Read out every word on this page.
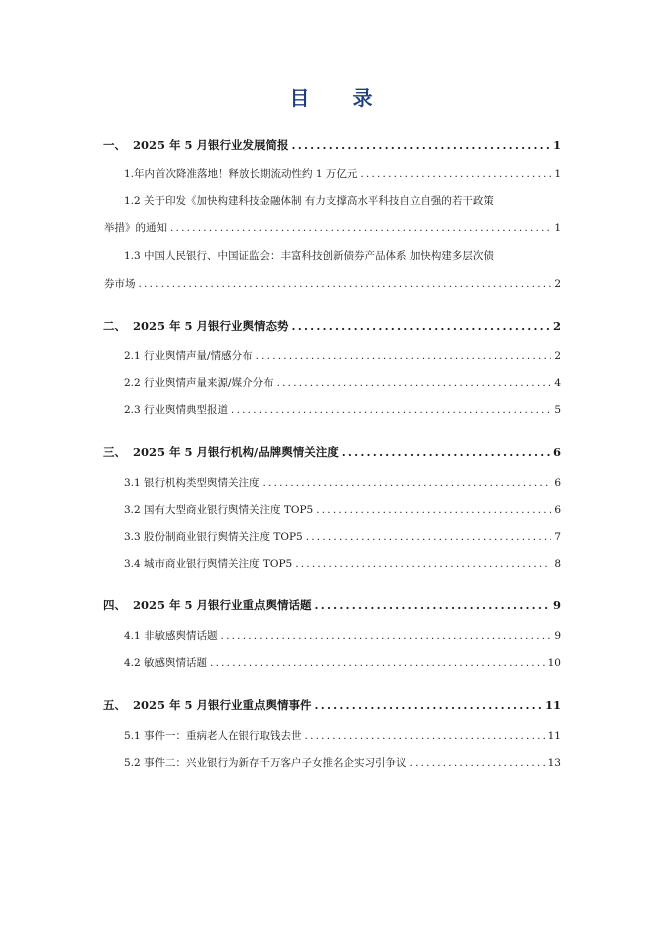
目 录
一、 2025 年 5 月银行业发展简报 .....	1
1.年内首次降准落地！释放长期流动性约 1 万亿元 .....	1
1.2 关于印发《加快构建科技金融体制 有力支撑高水平科技自立自强的若干政策
举措》的通知 .....	1
1.3 中国人民银行、中国证监会：丰富科技创新债券产品体系 加快构建多层次债
券市场 .....	2
二、 2025 年 5 月银行业舆情态势 .....	2
2.1 行业舆情声量/情感分布 .....	2
2.2 行业舆情声量来源/媒介分布 .....	4
2.3 行业舆情典型报道 .....	5
三、 2025 年 5 月银行机构/品牌舆情关注度 .....	6
3.1 银行机构类型舆情关注度 .....	6
3.2 国有大型商业银行舆情关注度 TOP5 .....	6
3.3 股份制商业银行舆情关注度 TOP5 .....	7
3.4 城市商业银行舆情关注度 TOP5 .....	8
四、 2025 年 5 月银行业重点舆情话题 .....	9
4.1 非敏感舆情话题 .....	9
4.2 敏感舆情话题 .....	10
五、 2025 年 5 月银行业重点舆情事件 .....	11
5.1 事件一：重病老人在银行取钱去世 .....	11
5.2 事件二：兴业银行为新存千万客户子女推名企实习引争议 .....	13
